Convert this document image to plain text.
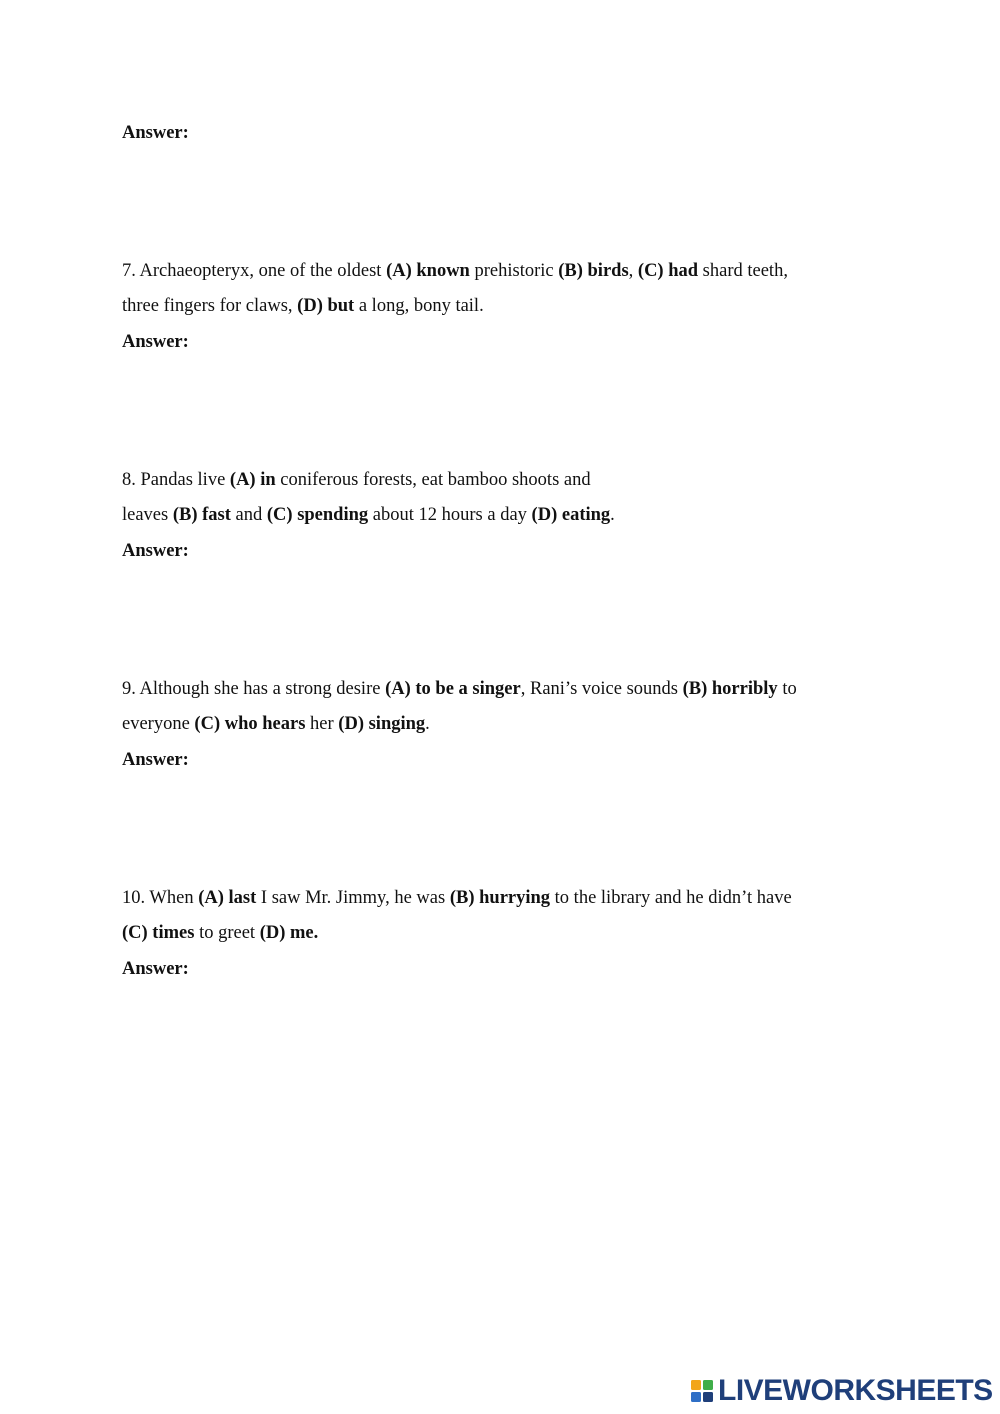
Answer:

7. Archaeopteryx, one of the oldest (A) known prehistoric (B) birds, (C) had shard teeth,
three fingers for claws, (D) but a long, bony tail.

Answer:

8. Pandas live (A) in coniferous forests, eat bamboo shoots and
leaves (B) fast and (C) spending about 12 hours a day (D) eating.

Answer:

9. Although she has a strong desire (A) to be a singer, Rani’s voice sounds (B) horribly to
everyone (C) who hears her (D) singing.

Answer:

10. When (A) last I saw Mr. Jimmy, he was (B) hurrying to the library and he didn’t have
(C) times to greet (D) me.

Answer:

LIVEWORKSHEETS
